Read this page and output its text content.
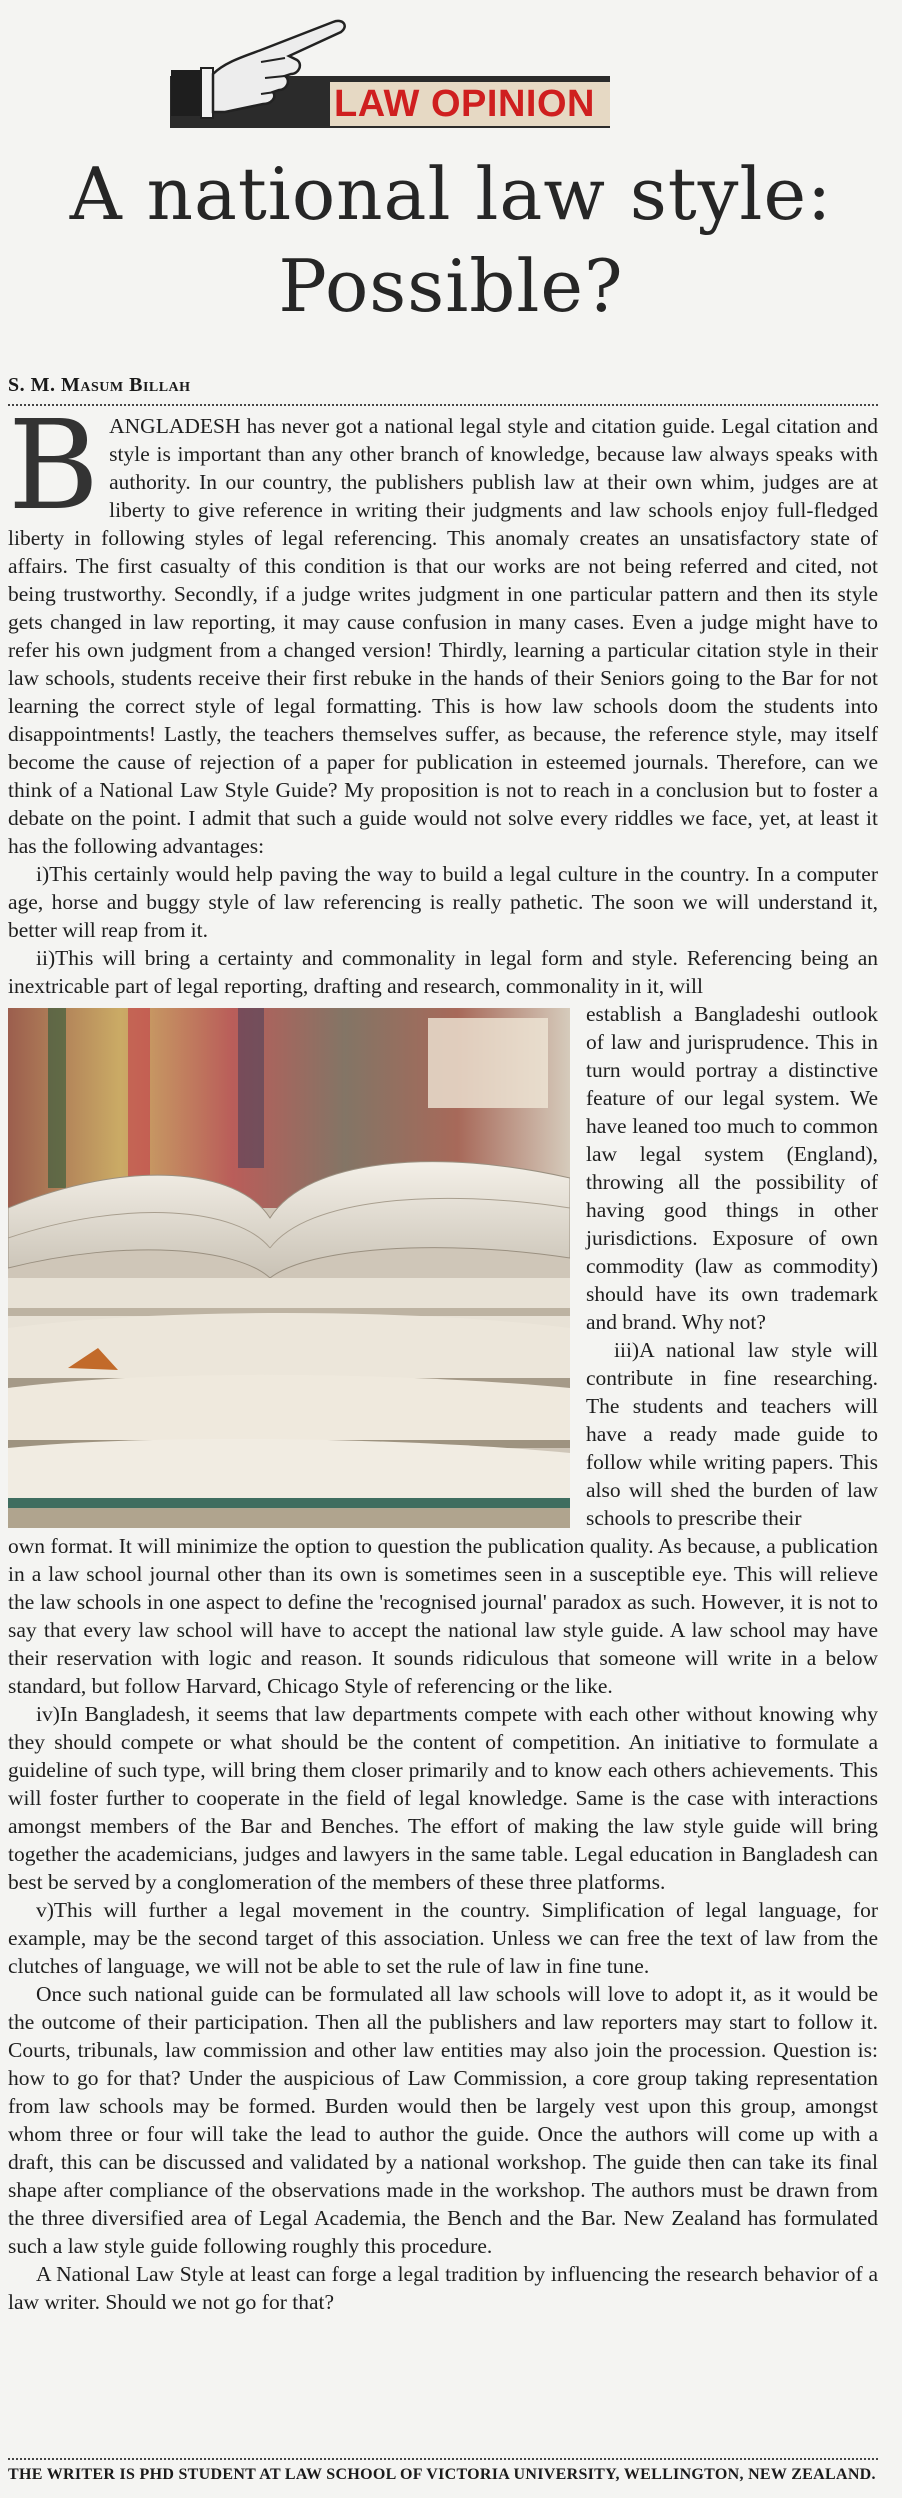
LAW OPINION
A national law style:
Possible?
S. M. Masum Billah

B ANGLADESH has never got a national legal style and citation guide. Legal citation and style is important than any other branch of knowledge, because law always speaks with authority. In our country, the publishers publish law at their own whim, judges are at liberty to give reference in writing their judgments and law schools enjoy full-fledged liberty in following styles of legal referencing. This anomaly creates an unsatisfactory state of affairs. The first casualty of this condition is that our works are not being referred and cited, not being trustworthy. Secondly, if a judge writes judgment in one particular pattern and then its style gets changed in law reporting, it may cause confusion in many cases. Even a judge might have to refer his own judgment from a changed version! Thirdly, learning a particular citation style in their law schools, students receive their first rebuke in the hands of their Seniors going to the Bar for not learning the correct style of legal formatting. This is how law schools doom the students into disappointments! Lastly, the teachers themselves suffer, as because, the reference style, may itself become the cause of rejection of a paper for publication in esteemed journals. Therefore, can we think of a National Law Style Guide? My proposition is not to reach in a conclusion but to foster a debate on the point. I admit that such a guide would not solve every riddles we face, yet, at least it has the following advantages:

i)This certainly would help paving the way to build a legal culture in the country. In a computer age, horse and buggy style of law referencing is really pathetic. The soon we will understand it, better will reap from it.

ii)This will bring a certainty and commonality in legal form and style. Referencing being an inextricable part of legal reporting, drafting and research, commonality in it, will

establish a Bangladeshi outlook of law and jurisprudence. This in turn would portray a distinctive feature of our legal system. We have leaned too much to common law legal system (England), throwing all the possibility of having good things in other jurisdictions. Exposure of own commodity (law as commodity) should have its own trademark and brand. Why not?

iii)A national law style will contribute in fine researching. The students and teachers will have a ready made guide to follow while writing papers. This also will shed the burden of law schools to prescribe their

own format. It will minimize the option to question the publication quality. As because, a publication in a law school journal other than its own is sometimes seen in a susceptible eye. This will relieve the law schools in one aspect to define the 'recognised journal' paradox as such. However, it is not to say that every law school will have to accept the national law style guide. A law school may have their reservation with logic and reason. It sounds ridiculous that someone will write in a below standard, but follow Harvard, Chicago Style of referencing or the like.

iv)In Bangladesh, it seems that law departments compete with each other without knowing why they should compete or what should be the content of competition. An initiative to formulate a guideline of such type, will bring them closer primarily and to know each others achievements. This will foster further to cooperate in the field of legal knowledge. Same is the case with interactions amongst members of the Bar and Benches. The effort of making the law style guide will bring together the academicians, judges and lawyers in the same table. Legal education in Bangladesh can best be served by a conglomeration of the members of these three platforms.

v)This will further a legal movement in the country. Simplification of legal language, for example, may be the second target of this association. Unless we can free the text of law from the clutches of language, we will not be able to set the rule of law in fine tune.

Once such national guide can be formulated all law schools will love to adopt it, as it would be the outcome of their participation. Then all the publishers and law reporters may start to follow it. Courts, tribunals, law commission and other law entities may also join the procession. Question is: how to go for that? Under the auspicious of Law Commission, a core group taking representation from law schools may be formed. Burden would then be largely vest upon this group, amongst whom three or four will take the lead to author the guide. Once the authors will come up with a draft, this can be discussed and validated by a national workshop. The guide then can take its final shape after compliance of the observations made in the workshop. The authors must be drawn from the three diversified area of Legal Academia, the Bench and the Bar. New Zealand has formulated such a law style guide following roughly this procedure.

A National Law Style at least can forge a legal tradition by influencing the research behavior of a law writer. Should we not go for that?

THE WRITER IS PHD STUDENT AT LAW SCHOOL OF VICTORIA UNIVERSITY, WELLINGTON, NEW ZEALAND.
